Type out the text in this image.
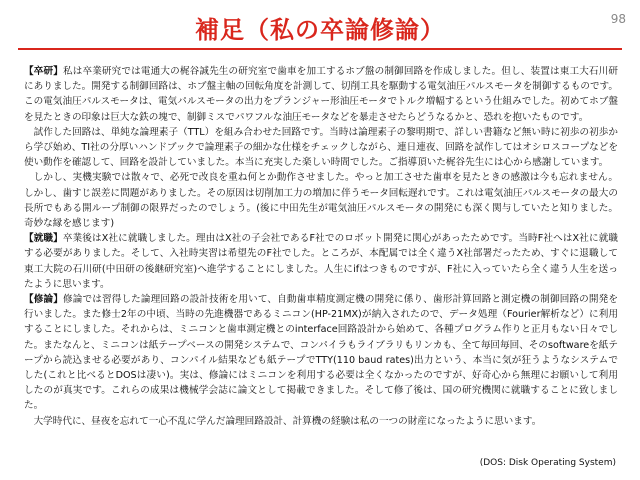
補足（私の卒論修論）	98

【卒研】私は卒業研究では電通大の梶谷誠先生の研究室で歯車を加工するホブ盤の制御回路を作成しました。但し、装置は東工大石川研にありました。開発する制御回路は、ホブ盤主軸の回転角度を計測して、切削工具を駆動する電気油圧パルスモータを制御するものです。この電気油圧パルスモータは、電気パルスモータの出力をプランジャー形油圧モータでトルク増幅するという仕組みでした。初めてホブ盤を見たときの印象は巨大な鉄の塊で、制御ミスでパワフルな油圧モータなどを暴走させたらどうなるかと、恐れを抱いたものです。

試作した回路は、単純な論理素子（TTL）を組み合わせた回路です。当時は論理素子の黎明期で、詳しい書籍など無い時に初歩の初歩から学び始め、TI社の分厚いハンドブックで論理素子の細かな仕様をチェックしながら、連日連夜、回路を試作してはオシロスコープなどを使い動作を確認して、回路を設計していました。本当に充実した楽しい時間でした。ご指導頂いた梶谷先生には心から感謝しています。

しかし、実機実験では散々で、必死で改良を重ね何とか動作させました。やっと加工させた歯車を見たときの感激は今も忘れません。しかし、歯すじ誤差に問題がありました。その原因は切削加工力の増加に伴うモータ回転遅れです。これは電気油圧パルスモータの最大の長所でもある開ループ制御の限界だったのでしょう。(後に中田先生が電気油圧パルスモータの開発にも深く関与していたと知りました。奇妙な縁を感じます)

【就職】卒業後はX社に就職しました。理由はX社の子会社であるF社でのロボット開発に関心があったためです。当時F社へはX社に就職する必要がありました。そして、入社時実習は希望先のF社でした。ところが、本配属では全く違うX社部署だったため、すぐに退職して東工大院の石川研(中田研の後継研究室)へ進学することにしました。人生にifはつきものですが、F社に入っていたら全く違う人生を送ったように思います。

【修論】修論では習得した論理回路の設計技術を用いて、自動歯車精度測定機の開発に係り、歯形計算回路と測定機の制御回路の開発を行いました。また修士2年の中頃、当時の先進機器であるミニコン(HP-21MX)が納入されたので、データ処理（Fourier解析など）に利用することにしました。それからは、ミニコンと歯車測定機とのinterface回路設計から始めて、各種プログラム作りと正月もない日々でした。またなんと、ミニコンは紙テープベースの開発システムで、コンパイラもライブラリもリンカも、全て毎回毎回、そのsoftwareを紙テープから読込ませる必要があり、コンパイル結果なども紙テープでTTY(110 baud rates)出力という、本当に気が狂うようなシステムでした(これと比べるとDOSは凄い)。実は、修論にはミニコンを利用する必要は全くなかったのですが、好奇心から無理にお願いして利用したのが真実です。これらの成果は機械学会誌に論文として掲載できました。そして修了後は、国の研究機関に就職することに致しました。

大学時代に、昼夜を忘れて一心不乱に学んだ論理回路設計、計算機の経験は私の一つの財産になったように思います。

(DOS: Disk Operating System)
